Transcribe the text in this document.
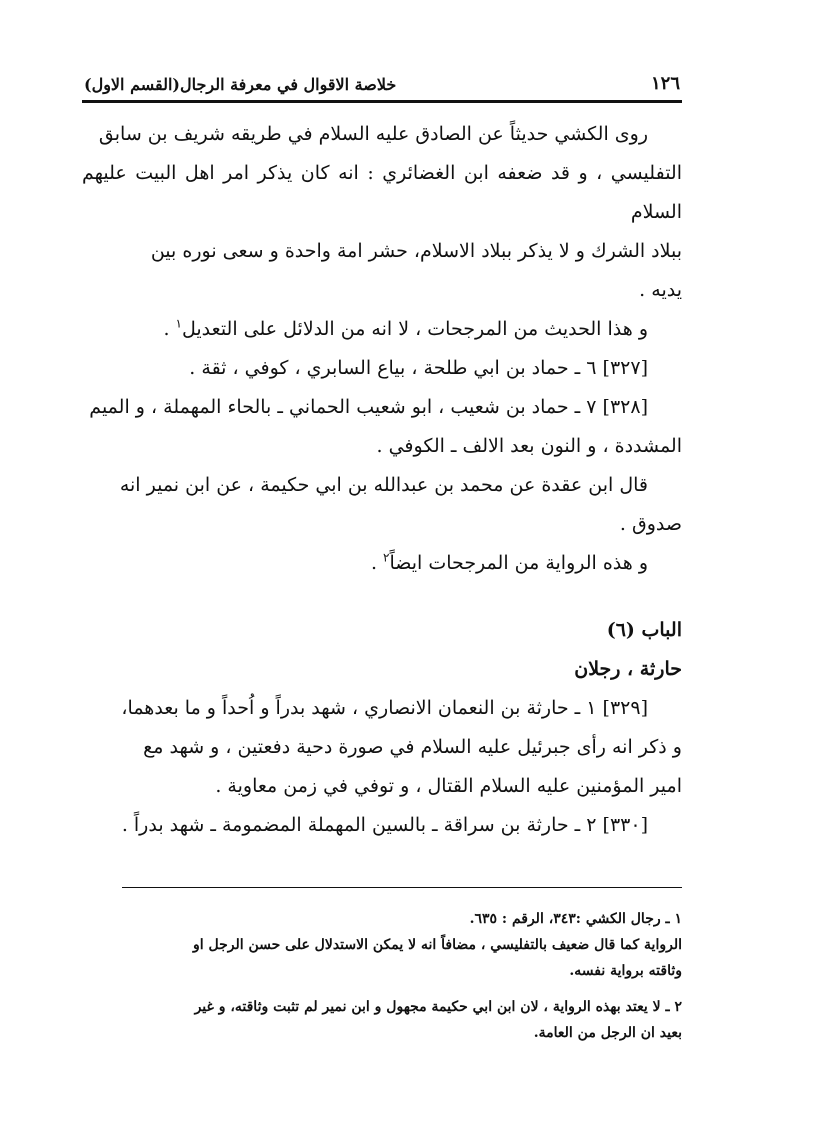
١٢٦
خلاصة الاقوال في معرفة الرجال(القسم الاول)

روى الكشي حديثاً عن الصادق عليه السلام في طريقه شريف بن سابق

التفليسي ، و قد ضعفه ابن الغضائري : انه كان يذكر امر اهل البيت عليهم السلام

ببلاد الشرك و لا يذكر ببلاد الاسلام، حشر امة واحدة و سعى نوره بين

يديه .

و هذا الحديث من المرجحات ، لا انه من الدلائل على التعديل$^١$ .

[٣٢٧] ٦ ـ حماد بن ابي طلحة ، بياع السابري ، كوفي ، ثقة .

[٣٢٨] ٧ ـ حماد بن شعيب ، ابو شعيب الحماني ـ بالحاء المهملة ، و الميم

المشددة ، و النون بعد الالف ـ الكوفي .

قال ابن عقدة عن محمد بن عبدالله بن ابي حكيمة ، عن ابن نمير انه

صدوق .

و هذه الرواية من المرجحات ايضاً$^٢$ .

الباب (٦)

حارثة ، رجلان

[٣٢٩] ١ ـ حارثة بن النعمان الانصاري ، شهد بدراً و اُحداً و ما بعدهما،

و ذكر انه رأى جبرئيل عليه السلام في صورة دحية دفعتين ، و شهد مع

امير المؤمنين عليه السلام القتال ، و توفي في زمن معاوية .

[٣٣٠] ٢ ـ حارثة بن سراقة ـ بالسين المهملة المضمومة ـ شهد بدراً .

١ ـ رجال الكشي :٣٤٣، الرقم : ٦٣٥.

الرواية كما قال ضعيف بالتفليسي ، مضافاً انه لا يمكن الاستدلال على حسن الرجل او

وثاقته برواية نفسه.

٢ ـ لا يعتد بهذه الرواية ، لان ابن ابي حكيمة مجهول و ابن نمير لم تثبت وثاقته، و غير

بعيد ان الرجل من العامة.
